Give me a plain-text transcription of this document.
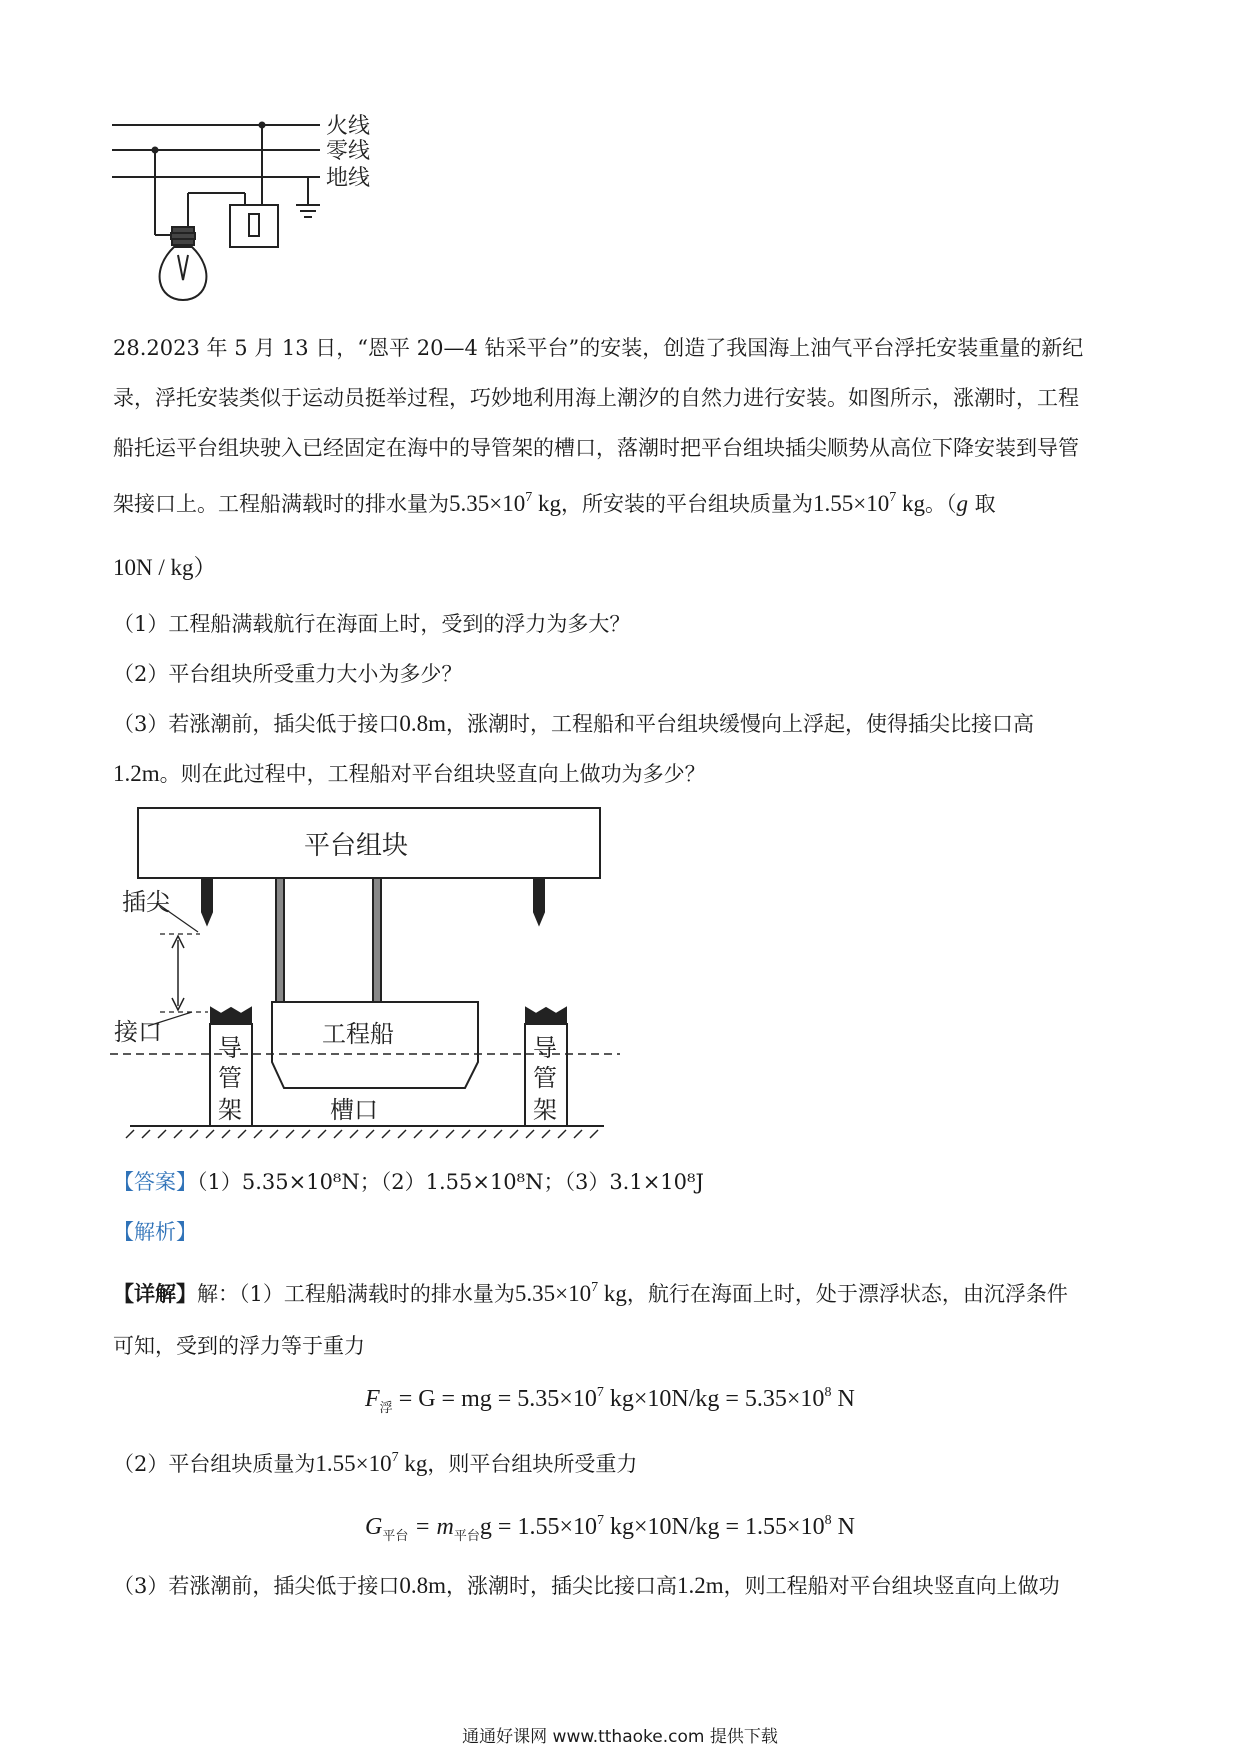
火线
零线
地线
28.2023 年 5 月 13 日，“恩平 20—4 钻采平台”的安装，创造了我国海上油气平台浮托安装重量的新纪
录，浮托安装类似于运动员挺举过程，巧妙地利用海上潮汐的自然力进行安装。如图所示，涨潮时，工程
船托运平台组块驶入已经固定在海中的导管架的槽口，落潮时把平台组块插尖顺势从高位下降安装到导管
架接口上。工程船满载时的排水量为$5.35\times 10^7$ kg，所安装的平台组块质量为$1.55\times 10^7$ kg。（g 取
10N / kg）
（1）工程船满载航行在海面上时，受到的浮力为多大？
（2）平台组块所受重力大小为多少？
（3）若涨潮前，插尖低于接口0.8m，涨潮时，工程船和平台组块缓慢向上浮起，使得插尖比接口高
1.2m。则在此过程中，工程船对平台组块竖直向上做功为多少？
平台组块
插尖
接口	工程船
槽口
导
管
架
导
管
架
【答案】（1）5.35×10⁸N；（2）1.55×10⁸N；（3）3.1×10⁸J
【解析】
【详解】解：（1）工程船满载时的排水量为$5.35\times 10^7$ kg，航行在海面上时，处于漂浮状态，由沉浮条件
可知，受到的浮力等于重力
$F_浮 = G$ = mg = $5.35\times 10^7$ $kg\times 10N/kg = 5.35\times 10^8$ N
（2）平台组块质量为$1.55\times 10^7$ kg，则平台组块所受重力
$G_{平台} = m_{平台}g = 1.55\times 10^7$ $kg\times 10N/kg = 1.55\times 10^8$ N
（3）若涨潮前，插尖低于接口0.8m，涨潮时，插尖比接口高1.2m，则工程船对平台组块竖直向上做功
通通好课网 www.tthaoke.com 提供下载
